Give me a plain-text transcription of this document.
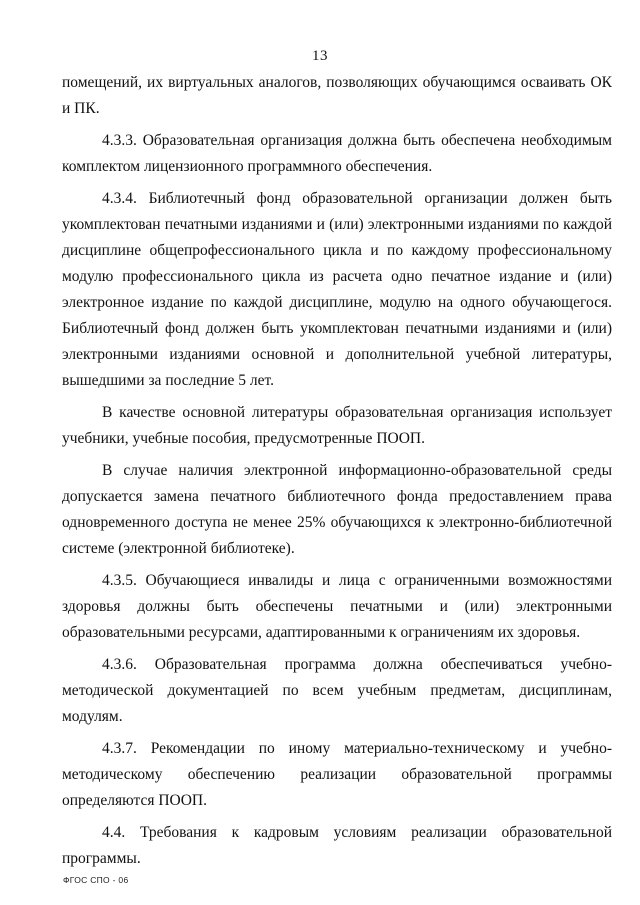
13

помещений, их виртуальных аналогов, позволяющих обучающимся осваивать ОК и ПК.

4.3.3. Образовательная организация должна быть обеспечена необходимым комплектом лицензионного программного обеспечения.

4.3.4. Библиотечный фонд образовательной организации должен быть укомплектован печатными изданиями и (или) электронными изданиями по каждой дисциплине общепрофессионального цикла и по каждому профессиональному модулю профессионального цикла из расчета одно печатное издание и (или) электронное издание по каждой дисциплине, модулю на одного обучающегося. Библиотечный фонд должен быть укомплектован печатными изданиями и (или) электронными изданиями основной и дополнительной учебной литературы, вышедшими за последние 5 лет.

В качестве основной литературы образовательная организация использует учебники, учебные пособия, предусмотренные ПООП.

В случае наличия электронной информационно-образовательной среды допускается замена печатного библиотечного фонда предоставлением права одновременного доступа не менее 25% обучающихся к электронно-библиотечной системе (электронной библиотеке).

4.3.5. Обучающиеся инвалиды и лица с ограниченными возможностями здоровья должны быть обеспечены печатными и (или) электронными образовательными ресурсами, адаптированными к ограничениям их здоровья.

4.3.6. Образовательная программа должна обеспечиваться учебно-методической документацией по всем учебным предметам, дисциплинам, модулям.

4.3.7. Рекомендации по иному материально-техническому и учебно-методическому обеспечению реализации образовательной программы определяются ПООП.

4.4. Требования к кадровым условиям реализации образовательной программы.

ФГОС СПО - 06
